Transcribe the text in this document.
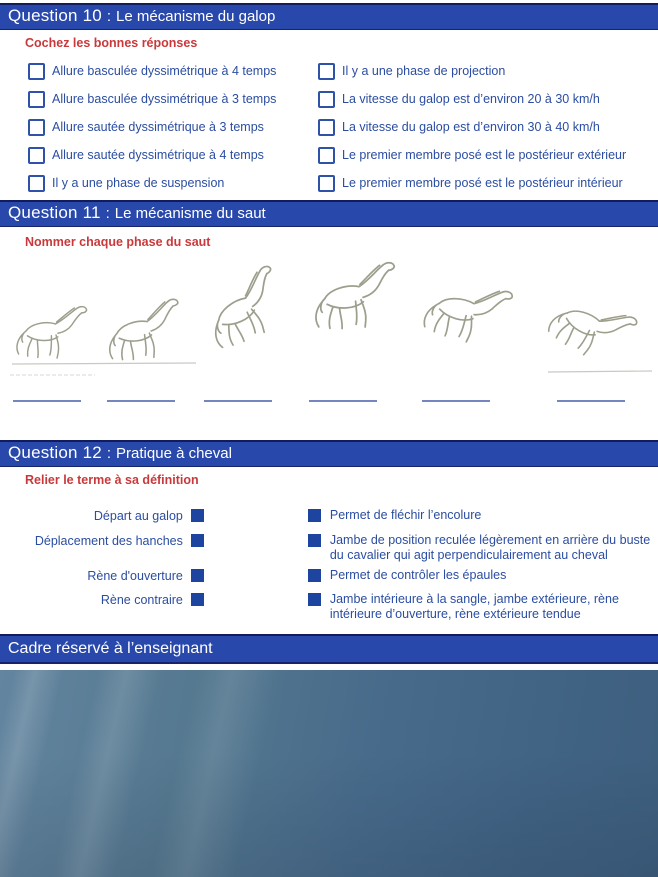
Question 10 : Le mécanisme du galop
Cochez les bonnes réponses
Allure basculée dyssimétrique à 4 temps
Allure basculée dyssimétrique à 3 temps
Allure sautée dyssimétrique à 3 temps
Allure sautée dyssimétrique à 4 temps
Il y a une phase de suspension
Il y a une phase de projection
La vitesse du galop est d’environ 20 à 30 km/h
La vitesse du galop est d’environ 30 à 40 km/h
Le premier membre posé est le postérieur extérieur
Le premier membre posé est le postérieur intérieur
Question 11 : Le mécanisme du saut
Nommer chaque phase du saut
Question 12 : Pratique à cheval
Relier le terme à sa définition
Départ au galop	Permet de fléchir l’encolure
Déplacement des hanches	Jambe de position reculée légèrement en arrière du buste du cavalier qui agit perpendiculairement au cheval
Rène d'ouverture	Permet de contrôler les épaules
Rène contraire	Jambe intérieure à la sangle, jambe extérieure, rène intérieure d’ouverture, rène extérieure tendue
Cadre réservé à l’enseignant
